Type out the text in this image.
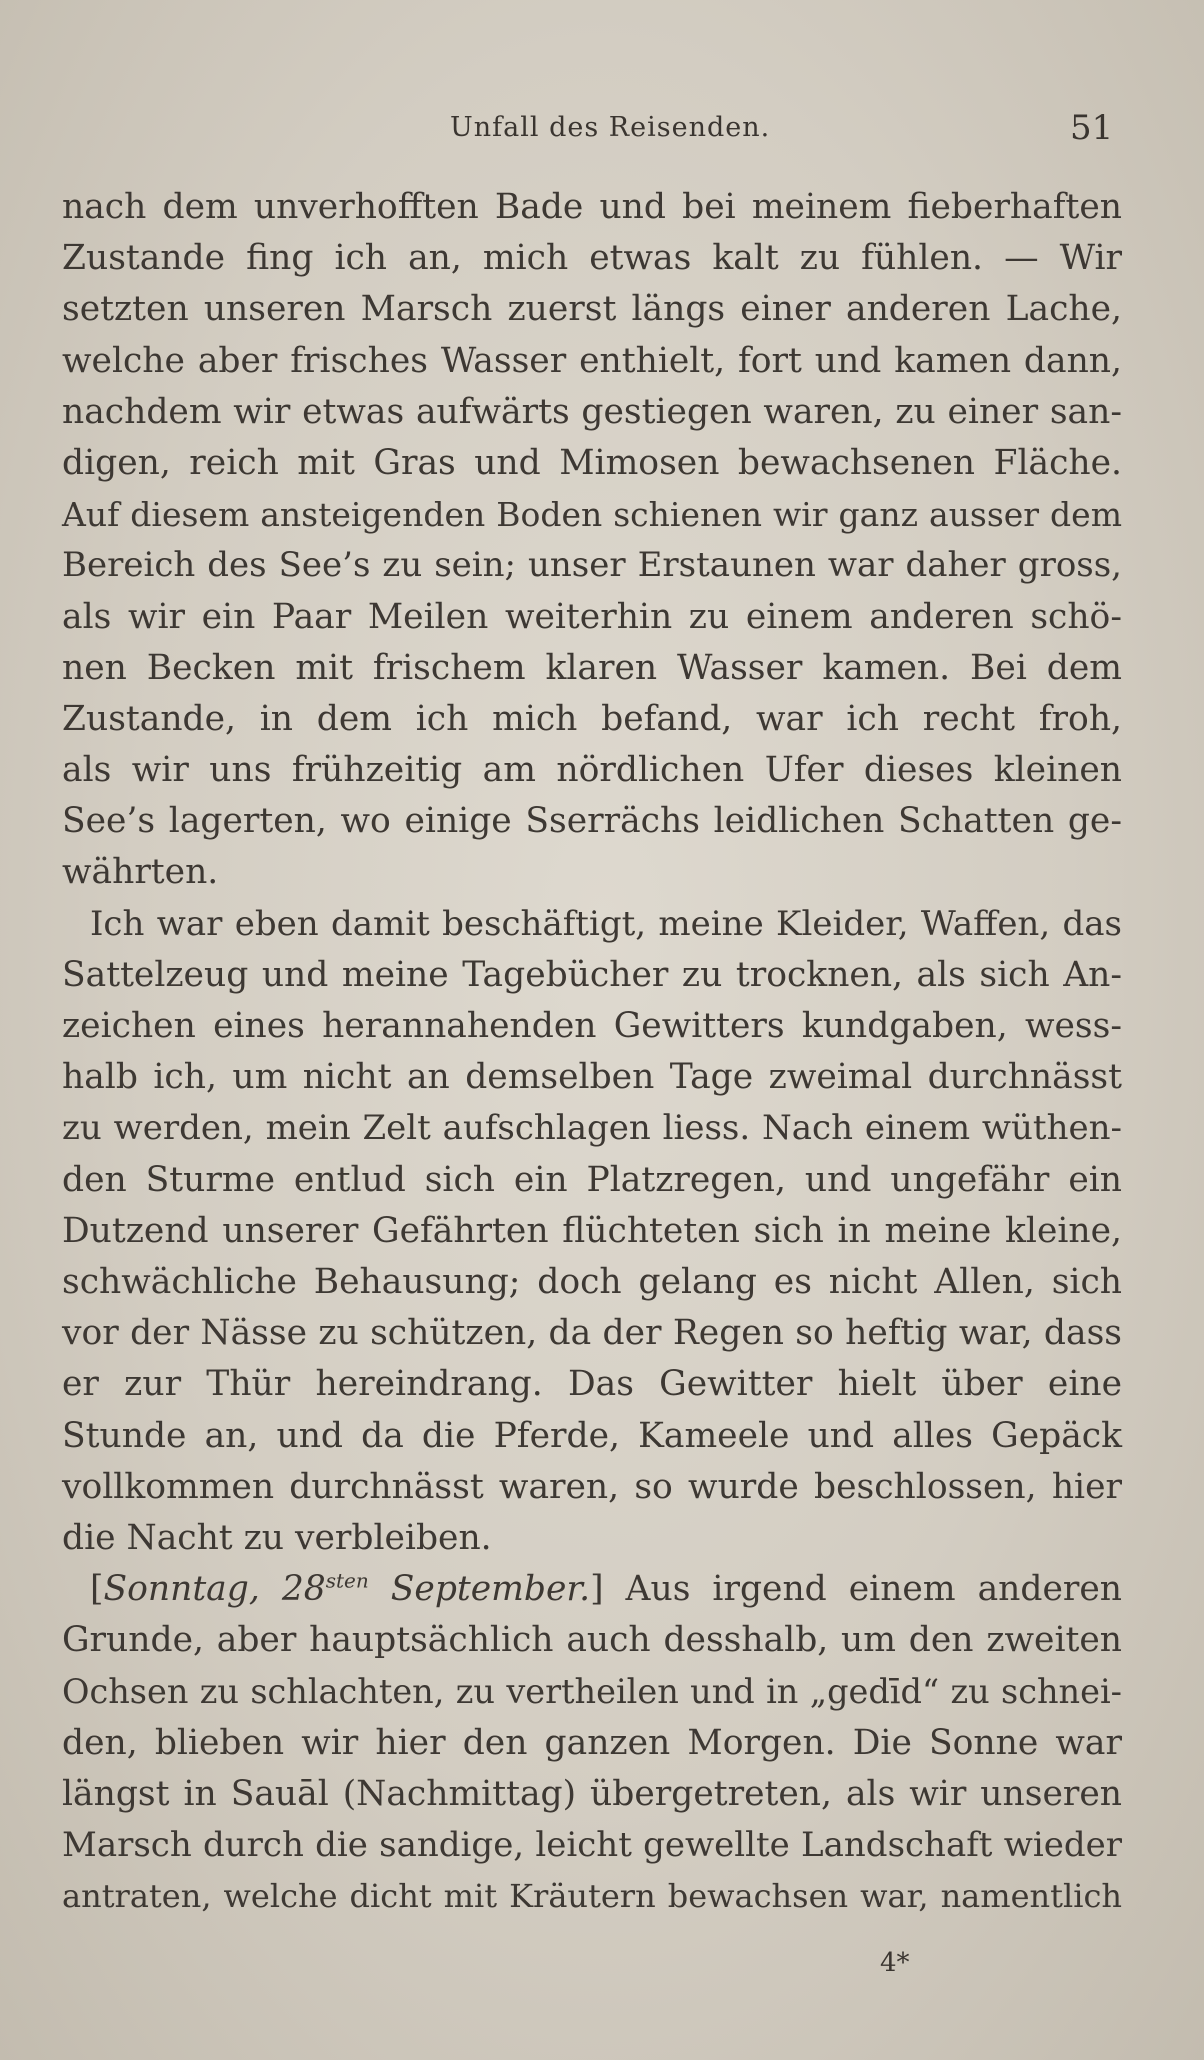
Unfall des Reisenden.	51
nach dem unverhofften Bade und bei meinem fieberhaften
Zustande fing ich an, mich etwas kalt zu fühlen. — Wir
setzten unseren Marsch zuerst längs einer anderen Lache,
welche aber frisches Wasser enthielt, fort und kamen dann,
nachdem wir etwas aufwärts gestiegen waren, zu einer san-
digen, reich mit Gras und Mimosen bewachsenen Fläche.
Auf diesem ansteigenden Boden schienen wir ganz ausser dem
Bereich des See’s zu sein; unser Erstaunen war daher gross,
als wir ein Paar Meilen weiterhin zu einem anderen schö-
nen Becken mit frischem klaren Wasser kamen. Bei dem
Zustande, in dem ich mich befand, war ich recht froh,
als wir uns frühzeitig am nördlichen Ufer dieses kleinen
See’s lagerten, wo einige Sserrächs leidlichen Schatten ge-
währten.
Ich war eben damit beschäftigt, meine Kleider, Waffen, das
Sattelzeug und meine Tagebücher zu trocknen, als sich An-
zeichen eines herannahenden Gewitters kundgaben, wess-
halb ich, um nicht an demselben Tage zweimal durchnässt
zu werden, mein Zelt aufschlagen liess. Nach einem wüthen-
den Sturme entlud sich ein Platzregen, und ungefähr ein
Dutzend unserer Gefährten flüchteten sich in meine kleine,
schwächliche Behausung; doch gelang es nicht Allen, sich
vor der Nässe zu schützen, da der Regen so heftig war, dass
er zur Thür hereindrang. Das Gewitter hielt über eine
Stunde an, und da die Pferde, Kameele und alles Gepäck
vollkommen durchnässt waren, so wurde beschlossen, hier
die Nacht zu verbleiben.
[Sonntag, $28^{sten}$ September.] Aus irgend einem anderen
Grunde, aber hauptsächlich auch desshalb, um den zweiten
Ochsen zu schlachten, zu vertheilen und in „gedīd“ zu schnei-
den, blieben wir hier den ganzen Morgen. Die Sonne war
längst in Sauāl (Nachmittag) übergetreten, als wir unseren
Marsch durch die sandige, leicht gewellte Landschaft wieder
antraten, welche dicht mit Kräutern bewachsen war, namentlich
4*
